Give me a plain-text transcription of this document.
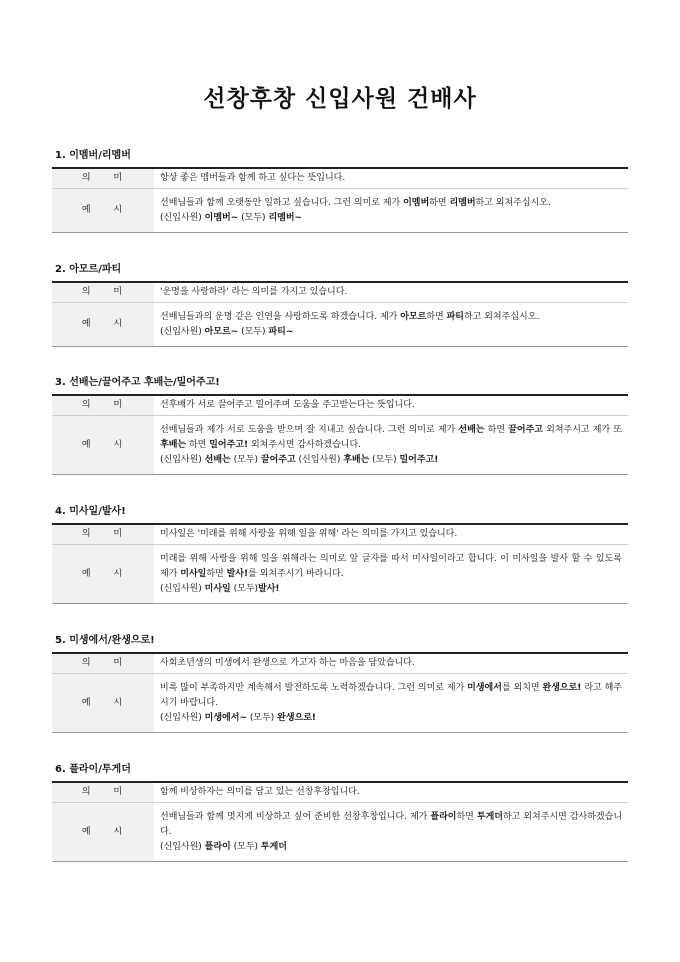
선창후창 신입사원 건배사
1. 이멤버/리멤버
의 미	항상 좋은 멤버들과 함께 하고 싶다는 뜻입니다.
예 시	선배님들과 함께 오랫동안 일하고 싶습니다. 그런 의미로 제가 이멤버하면 리멤버하고 외쳐주십시오.
(신입사원) 이멤버~ (모두) 리멤버~
2. 아모르/파티
의 미	'운명을 사랑하라' 라는 의미를 가지고 있습니다.
예 시	선배님들과의 운명 같은 인연을 사랑하도록 하겠습니다. 제가 아모르하면 파티하고 외쳐주십시오.
(신입사원) 아모르~ (모두) 파티~
3. 선배는/끌어주고 후배는/밀어주고!
의 미	선후배가 서로 끌어주고 밀어주며 도움을 주고받는다는 뜻입니다.
예 시	선배님들과 제가 서로 도움을 받으며 잘 지내고 싶습니다. 그런 의미로 제가 선배는 하면 끌어주고 외쳐주시고 제가 또 후배는 하면 밀어주고! 외쳐주시면 감사하겠습니다.
(신입사원) 선배는 (모두) 끌어주고 (신입사원) 후배는 (모두) 밀어주고!
4. 미사일/발사!
의 미	미사일은 '미래를 위해 사랑을 위해 일을 위해' 라는 의미를 가지고 있습니다.
예 시	미래를 위해 사랑을 위해 일을 위해라는 의미로 앞 글자를 따서 미사일이라고 합니다. 이 미사일을 발사 할 수 있도록 제가 미사일하면 발사!를 외쳐주시기 바라니다.
(신입사원) 미사일 (모두)발사!
5. 미생에서/완생으로!
의 미	사회초년생의 미생에서 완생으로 가고자 하는 마음을 담았습니다.
예 시	비록 많이 부족하지만 계속해서 발전하도록 노력하겠습니다. 그런 의미로 제가 미생에서를 외치면 완생으로! 라고 해주시기 바랍니다.
(신입사원) 미생에서~ (모두) 완생으로!
6. 플라이/투게더
의 미	함께 비상하자는 의미를 담고 있는 선창후창입니다.
예 시	선배님들과 함께 멋지게 비상하고 싶어 준비한 선창후창입니다. 제가 플라이하면 투게더하고 외쳐주시면 감사하겠습니다.
(신입사원) 플라이 (모두) 투게더
